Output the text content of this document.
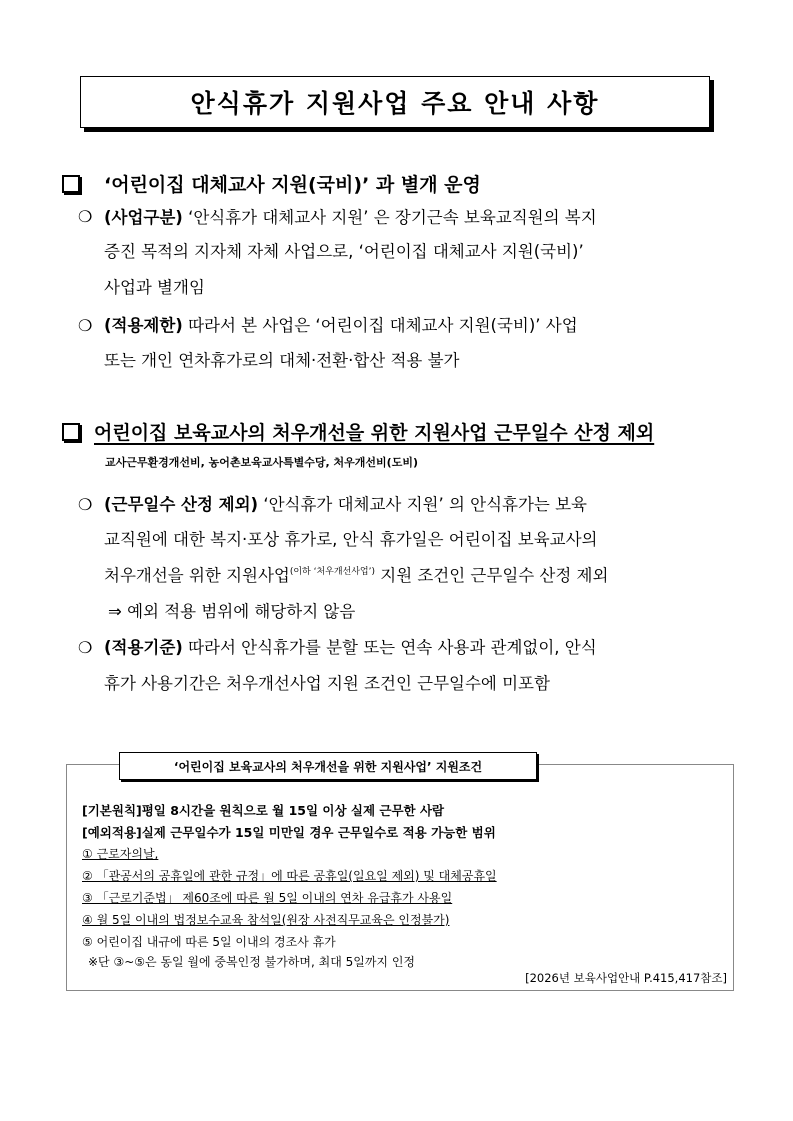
안식휴가 지원사업 주요 안내 사항
‘어린이집 대체교사 지원(국비)’ 과 별개 운영
❍ (사업구분) ‘안식휴가 대체교사 지원’ 은 장기근속 보육교직원의 복지
증진 목적의 지자체 자체 사업으로, ‘어린이집 대체교사 지원(국비)’
사업과 별개임
❍ (적용제한) 따라서 본 사업은 ‘어린이집 대체교사 지원(국비)’ 사업
또는 개인 연차휴가로의 대체·전환·합산 적용 불가
어린이집 보육교사의 처우개선을 위한 지원사업 근무일수 산정 제외
교사근무환경개선비, 농어촌보육교사특별수당, 처우개선비(도비)
❍ (근무일수 산정 제외) ‘안식휴가 대체교사 지원’ 의 안식휴가는 보육
교직원에 대한 복지·포상 휴가로, 안식 휴가일은 어린이집 보육교사의
처우개선을 위한 지원사업$^{(이하 ‘처우개선사업’)}$ 지원 조건인 근무일수 산정 제외
⇒ 예외 적용 범위에 해당하지 않음
❍ (적용기준) 따라서 안식휴가를 분할 또는 연속 사용과 관계없이, 안식
휴가 사용기간은 처우개선사업 지원 조건인 근무일수에 미포함
‘어린이집 보육교사의 처우개선을 위한 지원사업’ 지원조건
[기본원칙]평일 8시간을 원칙으로 월 15일 이상 실제 근무한 사람
[예외적용]실제 근무일수가 15일 미만일 경우 근무일수로 적용 가능한 범위
① 근로자의날,
② 「관공서의 공휴일에 관한 규정」에 따른 공휴일(일요일 제외) 및 대체공휴일
③ 「근로기준법」 제60조에 따른 월 5일 이내의 연차 유급휴가 사용일
④ 월 5일 이내의 법정보수교육 참석일(원장 사전직무교육은 인정불가)
⑤ 어린이집 내규에 따른 5일 이내의 경조사 휴가
※단 ③~⑤은 동일 월에 중복인정 불가하며, 최대 5일까지 인정
[2026년 보육사업안내 P.415,417참조]
